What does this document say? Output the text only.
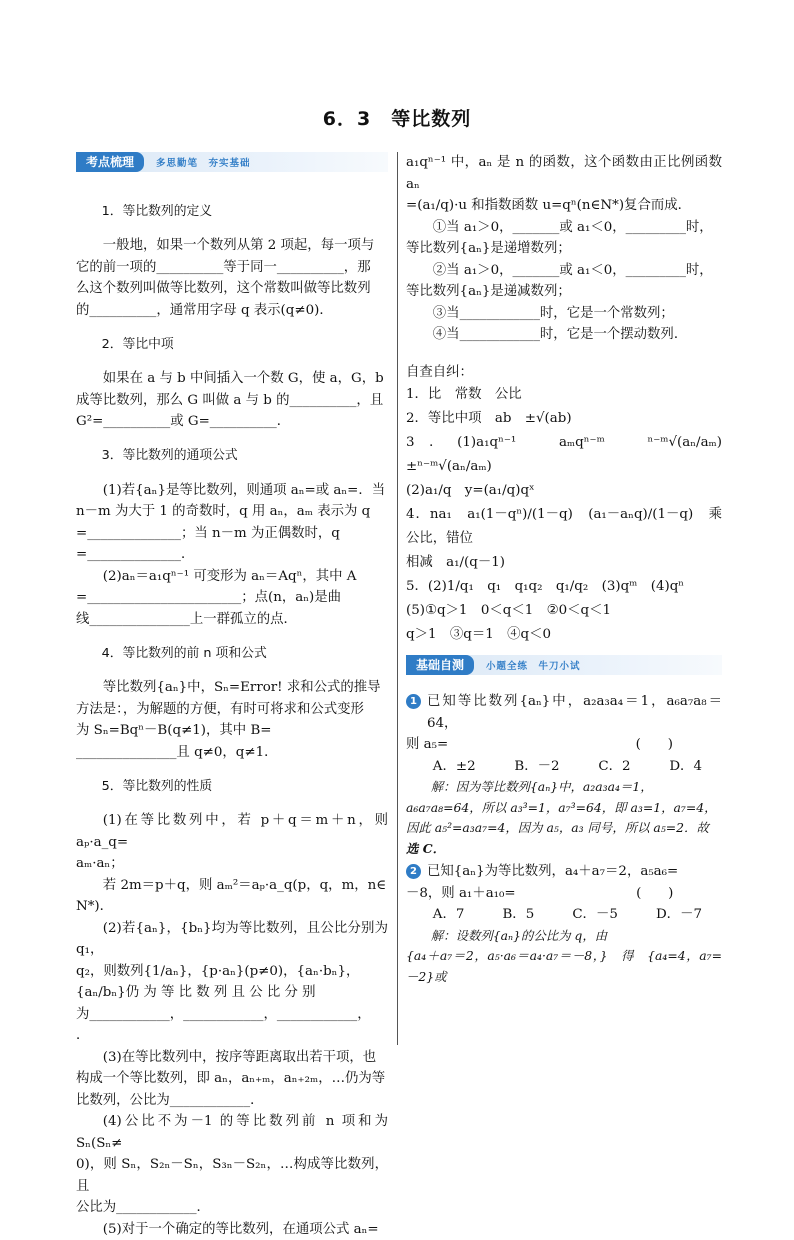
6．3　等比数列
考点梳理	多思勤笔　夯实基础

1．等比数列的定义

一般地，如果一个数列从第 2 项起，每一项与

它的前一项的__________等于同一__________，那

么这个数列叫做等比数列，这个常数叫做等比数列

的__________，通常用字母 q 表示(q≠0)．

2．等比中项

如果在 a 与 b 中间插入一个数 G，使 a，G，b

成等比数列，那么 G 叫做 a 与 b 的__________，且

G²=__________或 G=__________．

3．等比数列的通项公式

(1)若{aₙ}是等比数列，则通项 aₙ=或 aₙ=．当

n－m 为大于 1 的奇数时，q 用 aₙ，aₘ 表示为 q

=______________；当 n－m 为正偶数时，q

=______________．

(2)aₙ＝a₁qⁿ⁻¹ 可变形为 aₙ＝Aqⁿ，其中 A

=_______________________；点(n，aₙ)是曲

线_______________上一群孤立的点．

4．等比数列的前 n 项和公式

等比数列{aₙ}中，Sₙ=Error! 求和公式的推导

方法是：，为解题的方便，有时可将求和公式变形

为 Sₙ=Bqⁿ－B(q≠1)，其中 B=

_______________且 q≠0，q≠1．

5．等比数列的性质

(1)在等比数列中，若 p＋q＝m＋n，则 aₚ·a_q=

aₘ·aₙ；

若 2m＝p＋q，则 aₘ²＝aₚ·a_q(p，q，m，n∈

N*)．

(2)若{aₙ}，{bₙ}均为等比数列，且公比分别为 q₁，

q₂，则数列{1/aₙ}，{p·aₙ}(p≠0)，{aₙ·bₙ}，

{aₙ/bₙ}仍 为 等 比 数 列 且 公 比 分 别

为____________，____________，____________，

．

(3)在等比数列中，按序等距离取出若干项，也

构成一个等比数列，即 aₙ，aₙ₊ₘ，aₙ₊₂ₘ，…仍为等

比数列，公比为____________．

(4)公比不为－1 的等比数列前 n 项和为 Sₙ(Sₙ≠

0)，则 Sₙ，S₂ₙ－Sₙ，S₃ₙ－S₂ₙ，…构成等比数列，且

公比为____________．

(5)对于一个确定的等比数列，在通项公式 aₙ=

a₁qⁿ⁻¹ 中，aₙ 是 n 的函数，这个函数由正比例函数 aₙ

=(a₁/q)·u 和指数函数 u=qⁿ(n∈N*)复合而成．

①当 a₁＞0，_______或 a₁＜0，_________时，

等比数列{aₙ}是递增数列；

②当 a₁＞0，_______或 a₁＜0，_________时，

等比数列{aₙ}是递减数列；

③当____________时，它是一个常数列；

④当____________时，它是一个摆动数列．

自查自纠：

1．比　常数　公比

2．等比中项　ab　±√(ab)

3．(1)a₁qⁿ⁻¹　aₘqⁿ⁻ᵐ　ⁿ⁻ᵐ√(aₙ/aₘ)　±ⁿ⁻ᵐ√(aₙ/aₘ)

(2)a₁/q　y=(a₁/q)qˣ

4．na₁　a₁(1－qⁿ)/(1－q)　(a₁－aₙq)/(1－q)　乘公比，错位

相减　a₁/(q－1)

5．(2)1/q₁　q₁　q₁q₂　q₁/q₂　(3)qᵐ　(4)qⁿ

(5)①q＞1　0＜q＜1　②0＜q＜1

q＞1　③q＝1　④q＜0

基础自测	小题全练　牛刀小试
1 已知等比数列{aₙ}中，a₂a₃a₄＝1，a₆a₇a₈＝64，

则 a₅=　　　　　　　　　　　　　　(　　)

A．±2	B．－2	C．2	D．4

解：因为等比数列{aₙ}中，a₂a₃a₄＝1，

a₆a₇a₈=64，所以 a₃³=1，a₇³=64，即 a₃=1，a₇=4，

因此 a₅²=a₃a₇=4，因为 a₅，a₃ 同号，所以 a₅=2．故

选 C．

2 已知{aₙ}为等比数列，a₄＋a₇＝2，a₅a₆=

－8，则 a₁＋a₁₀=　　　　　　　　　(　　)

A．7	B．5	C．－5	D．－7

解：设数列{aₙ}的公比为 q，由

{a₄＋a₇＝2，a₅·a₆＝a₄·a₇＝－8，}　得　{a₄=4，a₇=－2}或
